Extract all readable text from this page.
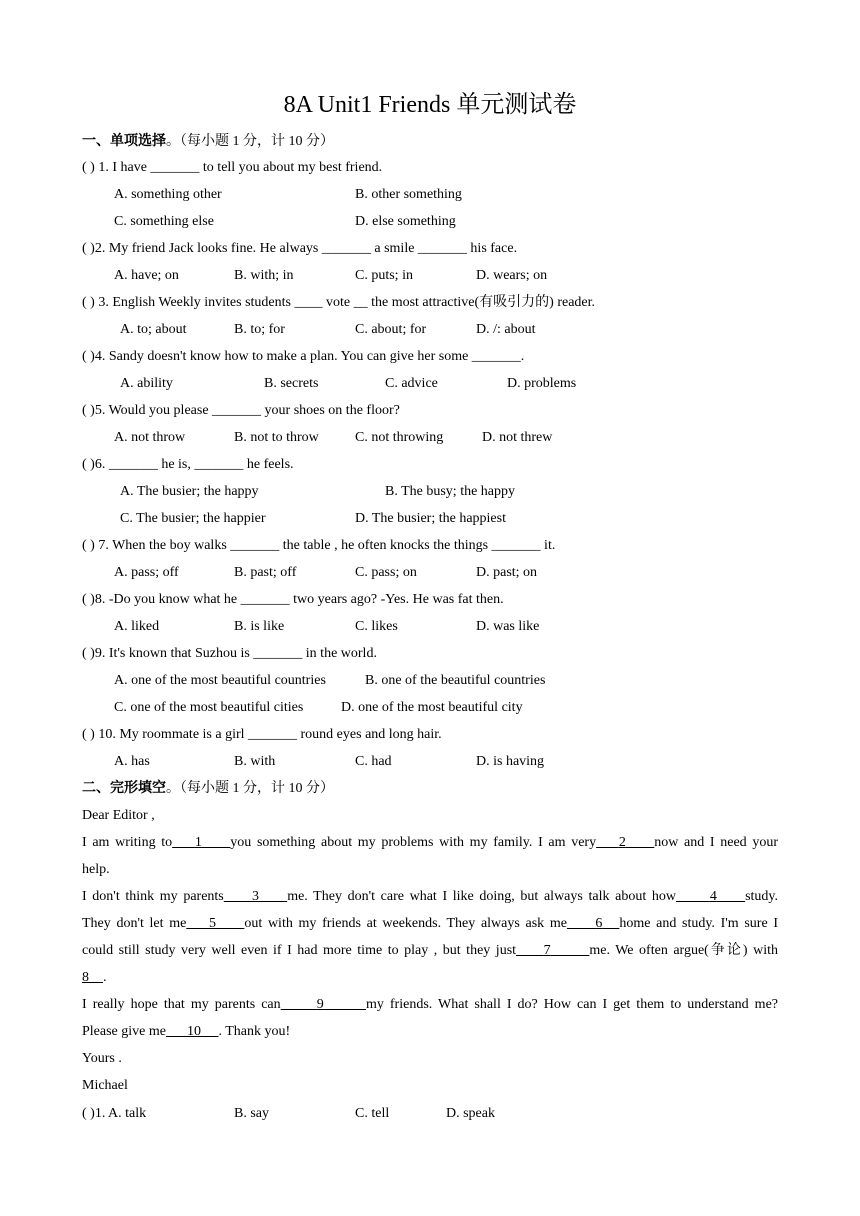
8A Unit1 Friends 单元测试卷
一、单项选择。（每小题 1 分，计 10 分）
( ) 1. I have _______ to tell you about my best friend.
A. something other	B. other something
C. something else	D. else something
( )2. My friend Jack looks fine. He always _______ a smile _______ his face.
A. have; on	B. with; in	C. puts; in	D. wears; on
( ) 3. English Weekly invites students ____ vote __ the most attractive(有吸引力的) reader.
A. to; about	B. to; for	C. about; for	D. /: about
( )4. Sandy doesn't know how to make a plan. You can give her some _______.
A. ability	B. secrets	C. advice	D. problems
( )5. Would you please _______ your shoes on the floor?
A. not throw	B. not to throw	C. not throwing	D. not threw
( )6. _______ he is, _______ he feels.
A. The busier; the happy	B. The busy; the happy
C. The busier; the happier	D. The busier; the happiest
( ) 7. When the boy walks _______ the table , he often knocks the things _______ it.
A. pass; off	B. past; off	C. pass; on	D. past; on
( )8. -Do you know what he _______ two years ago? -Yes. He was fat then.
A. liked	B. is like	C. likes	D. was like
( )9. It's known that Suzhou is _______ in the world.
A. one of the most beautiful countries	B. one of the beautiful countries
C. one of the most beautiful cities	D. one of the most beautiful city
( ) 10. My roommate is a girl _______ round eyes and long hair.
A. has	B. with	C. had	D. is having
二、完形填空。（每小题 1 分，计 10 分）
Dear Editor ,
I am writing to 1 you something about my problems with my family. I am very 2 now and I need your
help.
I don't think my parents 3 me. They don't care what I like doing, but always talk about how 4 study.
They don't let me 5 out with my friends at weekends. They always ask me 6 home and study. I'm sure I
could still study very well even if I had more time to play , but they just 7	me. We often argue(争论) with
8 .
I really hope that my parents can	9	my friends. What shall I do? How can I get them to understand me?
Please give me 10 . Thank you!
Yours .
Michael
( )1. A. talk	B. say	C. tell	D. speak
